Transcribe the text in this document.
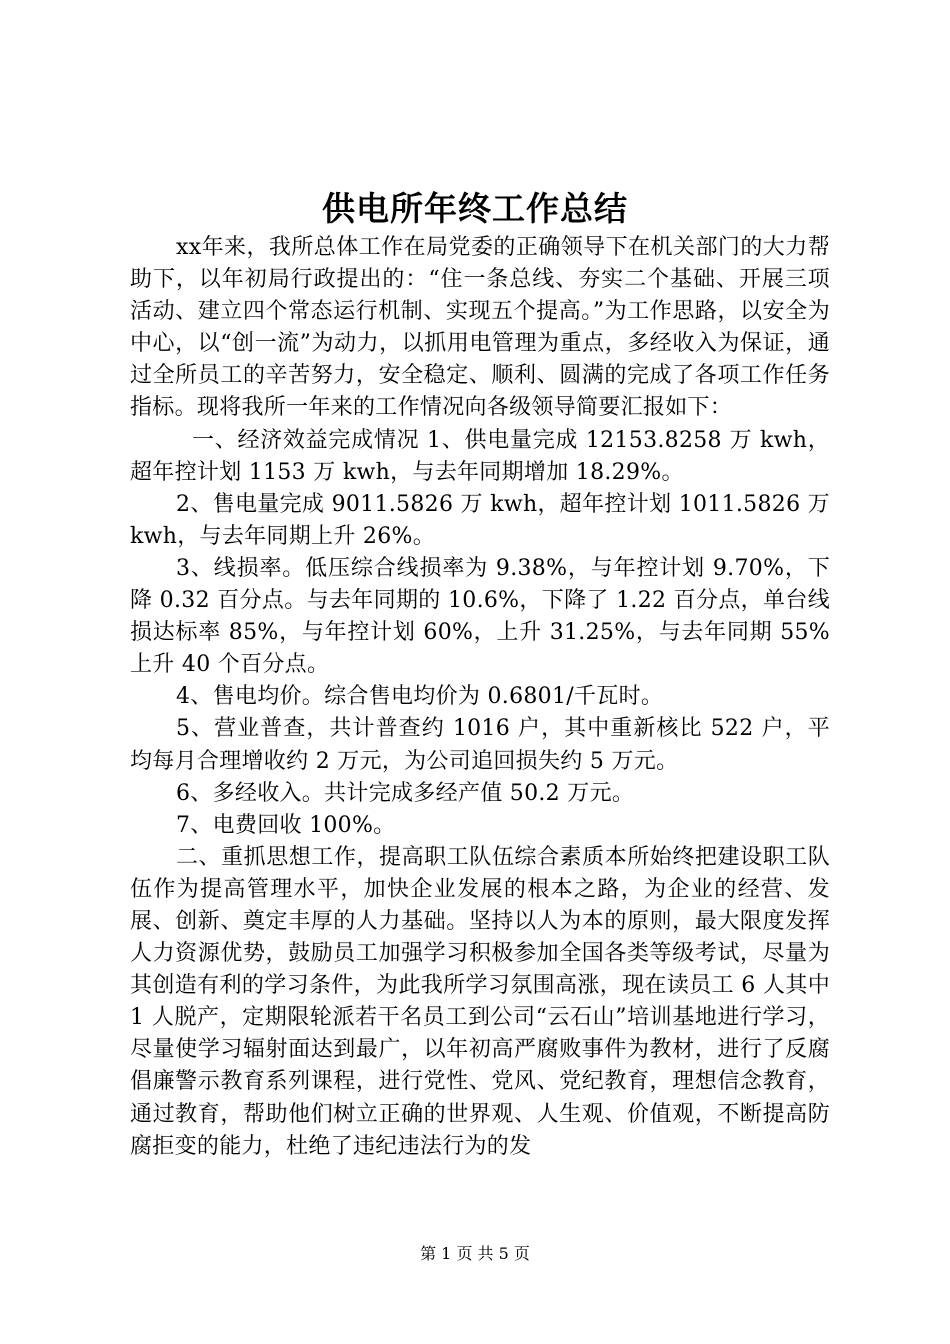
供电所年终工作总结

xx年来，我所总体工作在局党委的正确领导下在机关部门的大力帮助下，以年初局行政提出的：“住一条总线、夯实二个基础、开展三项活动、建立四个常态运行机制、实现五个提高。”为工作思路，以安全为中心，以“创一流”为动力，以抓用电管理为重点，多经收入为保证，通过全所员工的辛苦努力，安全稳定、顺利、圆满的完成了各项工作任务指标。现将我所一年来的工作情况向各级领导简要汇报如下：

一、经济效益完成情况 1、供电量完成 12153.8258 万 kwh，超年控计划 1153 万 kwh，与去年同期增加 18.29%。

2、售电量完成 9011.5826 万 kwh，超年控计划 1011.5826 万 kwh，与去年同期上升 26%。

3、线损率。低压综合线损率为 9.38%，与年控计划 9.70%，下降 0.32 百分点。与去年同期的 10.6%，下降了 1.22 百分点，单台线损达标率 85%，与年控计划 60%，上升 31.25%，与去年同期 55%上升 40 个百分点。

4、售电均价。综合售电均价为 0.6801/千瓦时。

5、营业普查，共计普查约 1016 户，其中重新核比 522 户，平均每月合理增收约 2 万元，为公司追回损失约 5 万元。

6、多经收入。共计完成多经产值 50.2 万元。

7、电费回收 100%。

二、重抓思想工作，提高职工队伍综合素质本所始终把建设职工队伍作为提高管理水平，加快企业发展的根本之路，为企业的经营、发展、创新、奠定丰厚的人力基础。坚持以人为本的原则，最大限度发挥人力资源优势，鼓励员工加强学习积极参加全国各类等级考试，尽量为其创造有利的学习条件，为此我所学习氛围高涨，现在读员工 6 人其中 1 人脱产，定期限轮派若干名员工到公司“云石山”培训基地进行学习，尽量使学习辐射面达到最广，以年初高严腐败事件为教材，进行了反腐倡廉警示教育系列课程，进行党性、党风、党纪教育，理想信念教育，通过教育，帮助他们树立正确的世界观、人生观、价值观，不断提高防腐拒变的能力，杜绝了违纪违法行为的发

第 1 页 共 5 页
